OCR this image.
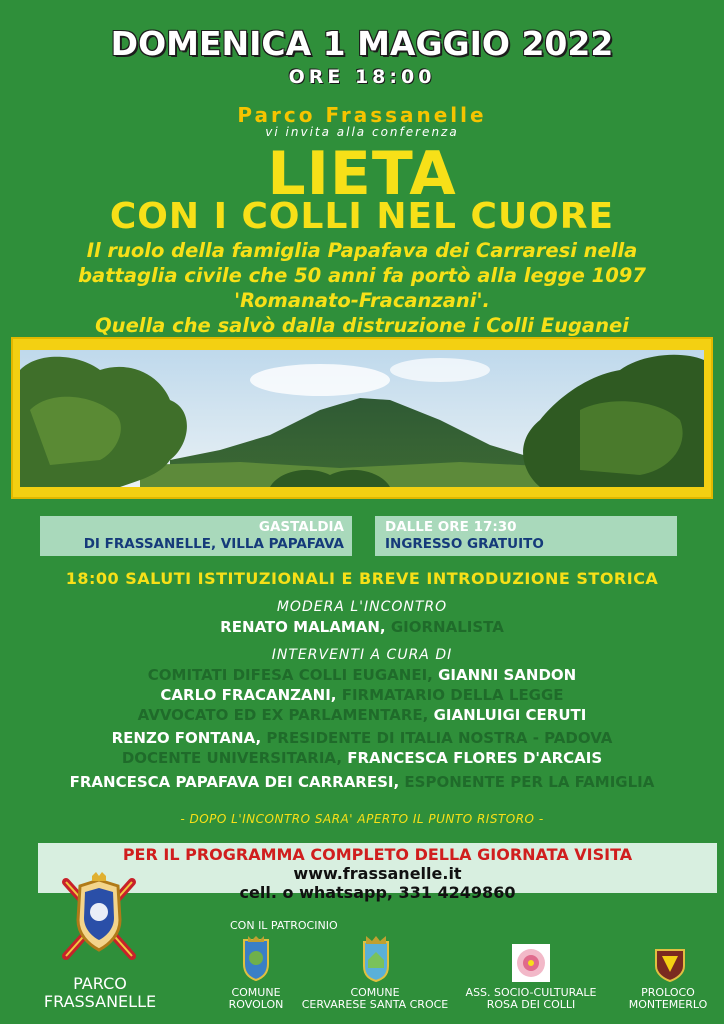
DOMENICA 1 MAGGIO 2022
ORE 18:00
Parco Frassanelle
vi invita alla conferenza
LIETA
CON I COLLI NEL CUORE
Il ruolo della famiglia Papafava dei Carraresi nella
battaglia civile che 50 anni fa portò alla legge 1097
'Romanato-Fracanzani'.
Quella che salvò dalla distruzione i Colli Euganei
GASTALDIA
DI FRASSANELLE, VILLA PAPAFAVA
DALLE ORE 17:30
INGRESSO GRATUITO
18:00 SALUTI ISTITUZIONALI E BREVE INTRODUZIONE STORICA
MODERA L'INCONTRO
RENATO MALAMAN, GIORNALISTA
INTERVENTI A CURA DI
COMITATI DIFESA COLLI EUGANEI, GIANNI SANDON
CARLO FRACANZANI, FIRMATARIO DELLA LEGGE
AVVOCATO ED EX PARLAMENTARE, GIANLUIGI CERUTI
RENZO FONTANA, PRESIDENTE DI ITALIA NOSTRA - PADOVA
DOCENTE UNIVERSITARIA, FRANCESCA FLORES D'ARCAIS
FRANCESCA PAPAFAVA DEI CARRARESI, ESPONENTE PER LA FAMIGLIA
- DOPO L'INCONTRO SARA' APERTO IL PUNTO RISTORO -
PER IL PROGRAMMA COMPLETO DELLA GIORNATA VISITA
www.frassanelle.it
cell. o whatsapp, 331 4249860
PARCO
FRASSANELLE
CON IL PATROCINIO
COMUNE
ROVOLON
COMUNE
CERVARESE SANTA CROCE
ASS. SOCIO-CULTURALE
ROSA DEI COLLI
PROLOCO
MONTEMERLO
